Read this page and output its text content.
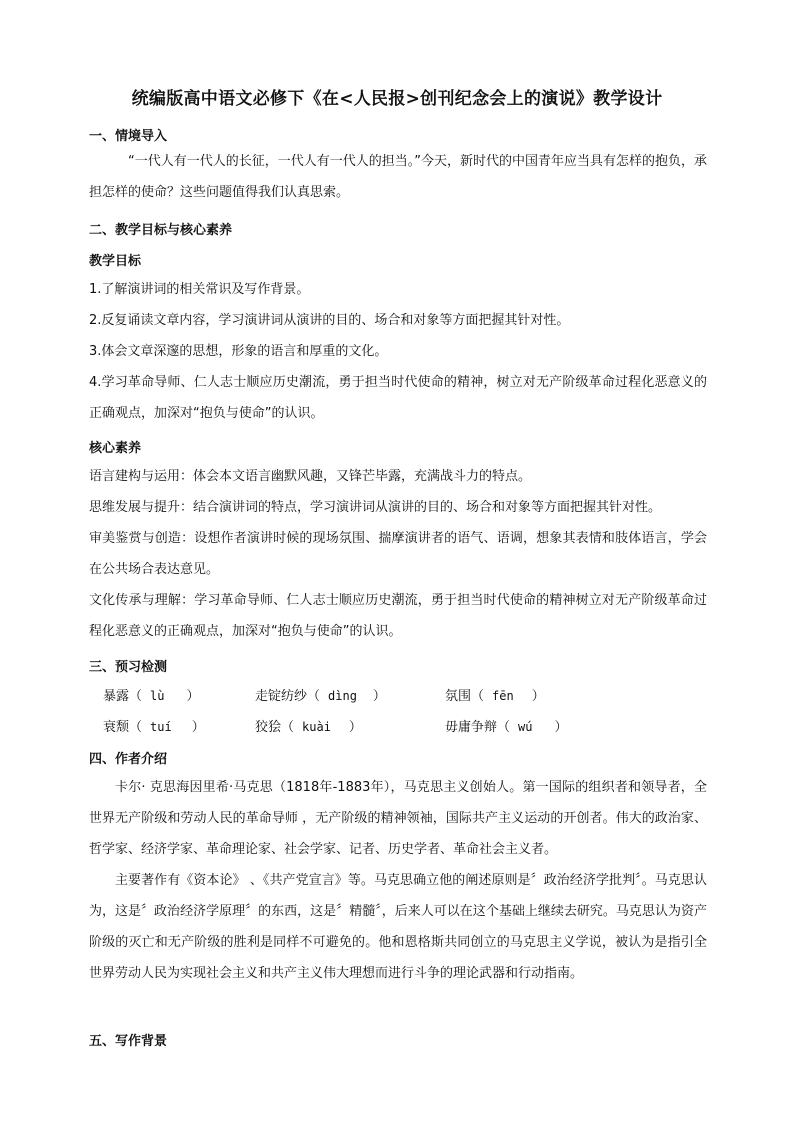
统编版高中语文必修下《在<人民报>创刊纪念会上的演说》教学设计
一、情境导入
“一代人有一代人的长征，一代人有一代人的担当。”今天，新时代的中国青年应当具有怎样的抱负，承担怎样的使命？这些问题值得我们认真思索。
二、教学目标与核心素养
教学目标
1.了解演讲词的相关常识及写作背景。
2.反复诵读文章内容，学习演讲词从演讲的目的、场合和对象等方面把握其针对性。
3.体会文章深邃的思想，形象的语言和厚重的文化。
4.学习革命导师、仁人志士顺应历史潮流，勇于担当时代使命的精神，树立对无产阶级革命过程化恶意义的正确观点，加深对“抱负与使命”的认识。
核心素养
语言建构与运用：体会本文语言幽默风趣，又锋芒毕露，充满战斗力的特点。
思维发展与提升：结合演讲词的特点，学习演讲词从演讲的目的、场合和对象等方面把握其针对性。
审美鉴赏与创造：设想作者演讲时候的现场氛围、揣摩演讲者的语气、语调，想象其表情和肢体语言，学会在公共场合表达意见。
文化传承与理解：学习革命导师、仁人志士顺应历史潮流，勇于担当时代使命的精神树立对无产阶级革命过程化恶意义的正确观点，加深对“抱负与使命”的认识。
三、预习检测
暴露（ lù ）	走锭纺纱（ dìng ）	氛围（ fēn ）
衰颓（ tuí ）	狡狯（ kuài ）	毋庸争辩（ wú ）
四、作者介绍
卡尔· 克思海因里希·马克思（1818年-1883年），马克思主义创始人。第一国际的组织者和领导者，全世界无产阶级和劳动人民的革命导师 ，无产阶级的精神领袖，国际共产主义运动的开创者。伟大的政治家、哲学家、经济学家、革命理论家、社会学家、记者、历史学者、革命社会主义者。
主要著作有《资本论》 、《共产党宣言》等。马克思确立他的阐述原则是〞政治经济学批判〞。马克思认为，这是〞政治经济学原理〞的东西，这是〞精髓〞，后来人可以在这个基础上继续去研究。马克思认为资产阶级的灭亡和无产阶级的胜利是同样不可避免的。他和恩格斯共同创立的马克思主义学说，被认为是指引全世界劳动人民为实现社会主义和共产主义伟大理想而进行斗争的理论武器和行动指南。
五、写作背景
